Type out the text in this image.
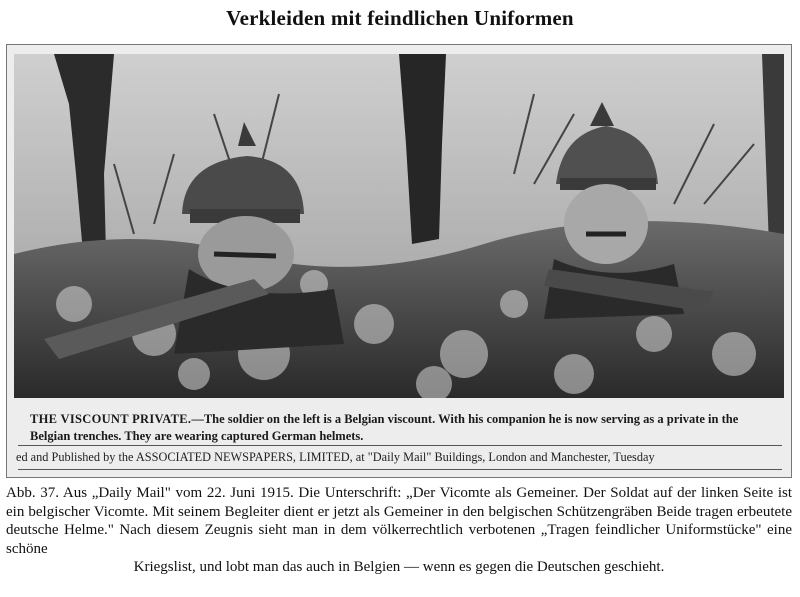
Verkleiden mit feindlichen Uniformen
THE VISCOUNT PRIVATE.—The soldier on the left is a Belgian viscount. With his companion he is now serving as a private in the Belgian trenches. They are wearing captured German helmets.
ed and Published by the ASSOCIATED NEWSPAPERS, LIMITED, at "Daily Mail" Buildings, London and Manchester, Tuesday

Abb. 37. Aus „Daily Mail" vom 22. Juni 1915. Die Unterschrift: „Der Vicomte als Gemeiner. Der Soldat auf der linken Seite ist ein belgischer Vicomte. Mit seinem Begleiter dient er jetzt als Gemeiner in den belgischen Schützengräben Beide tragen erbeutete deutsche Helme." Nach diesem Zeugnis sieht man in dem völkerrechtlich verbotenen „Tragen feindlicher Uniformstücke" eine schöne

Kriegslist, und lobt man das auch in Belgien — wenn es gegen die Deutschen geschieht.
